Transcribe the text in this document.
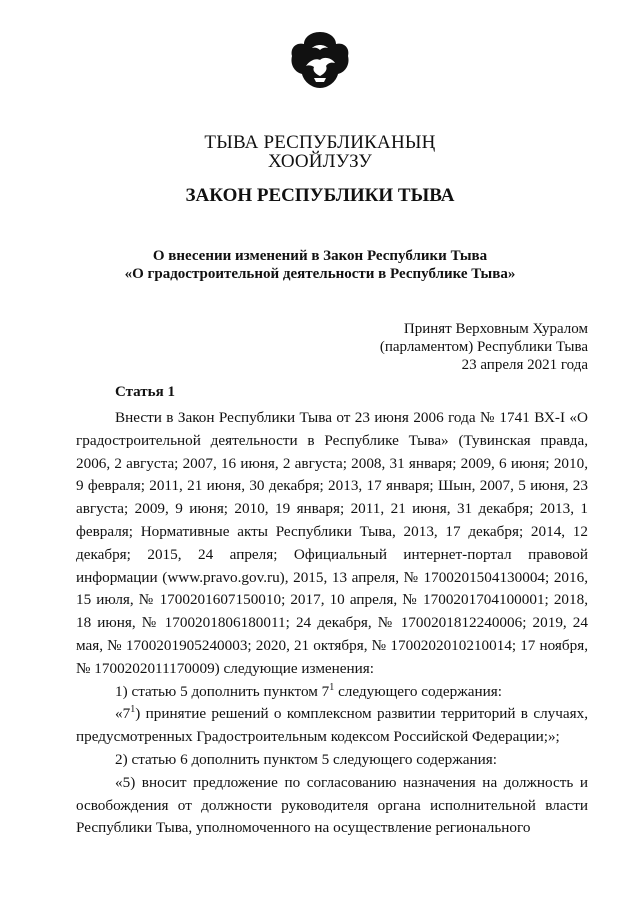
ТЫВА РЕСПУБЛИКАНЫҢ
ХООЙЛУЗУ
ЗАКОН РЕСПУБЛИКИ ТЫВА
О внесении изменений в Закон Республики Тыва
«О градостроительной деятельности в Республике Тыва»
Принят Верховным Хуралом
(парламентом) Республики Тыва
23 апреля 2021 года
Статья 1

Внести в Закон Республики Тыва от 23 июня 2006 года № 1741 ВХ-I «О градостроительной деятельности в Республике Тыва» (Тувинская правда, 2006, 2 августа; 2007, 16 июня, 2 августа; 2008, 31 января; 2009, 6 июня; 2010, 9 февраля; 2011, 21 июня, 30 декабря; 2013, 17 января; Шын, 2007, 5 июня, 23 августа; 2009, 9 июня; 2010, 19 января; 2011, 21 июня, 31 декабря; 2013, 1 февраля; Нормативные акты Республики Тыва, 2013, 17 декабря; 2014, 12 декабря; 2015, 24 апреля; Официальный интернет-портал правовой информации (www.pravo.gov.ru), 2015, 13 апреля, № 1700201504130004; 2016, 15 июля, № 1700201607150010; 2017, 10 апреля, № 1700201704100001; 2018, 18 июня, № 1700201806180011; 24 декабря, № 1700201812240006; 2019, 24 мая, № 1700201905240003; 2020, 21 октября, № 1700202010210014; 17 ноября, № 1700202011170009) следующие изменения:

1) статью 5 дополнить пунктом $7^1$ следующего содержания:

«$7^1$) принятие решений о комплексном развитии территорий в случаях, предусмотренных Градостроительным кодексом Российской Федерации;»;

2) статью 6 дополнить пунктом 5 следующего содержания:

«5) вносит предложение по согласованию назначения на должность и освобождения от должности руководителя органа исполнительной власти Республики Тыва, уполномоченного на осуществление регионального
